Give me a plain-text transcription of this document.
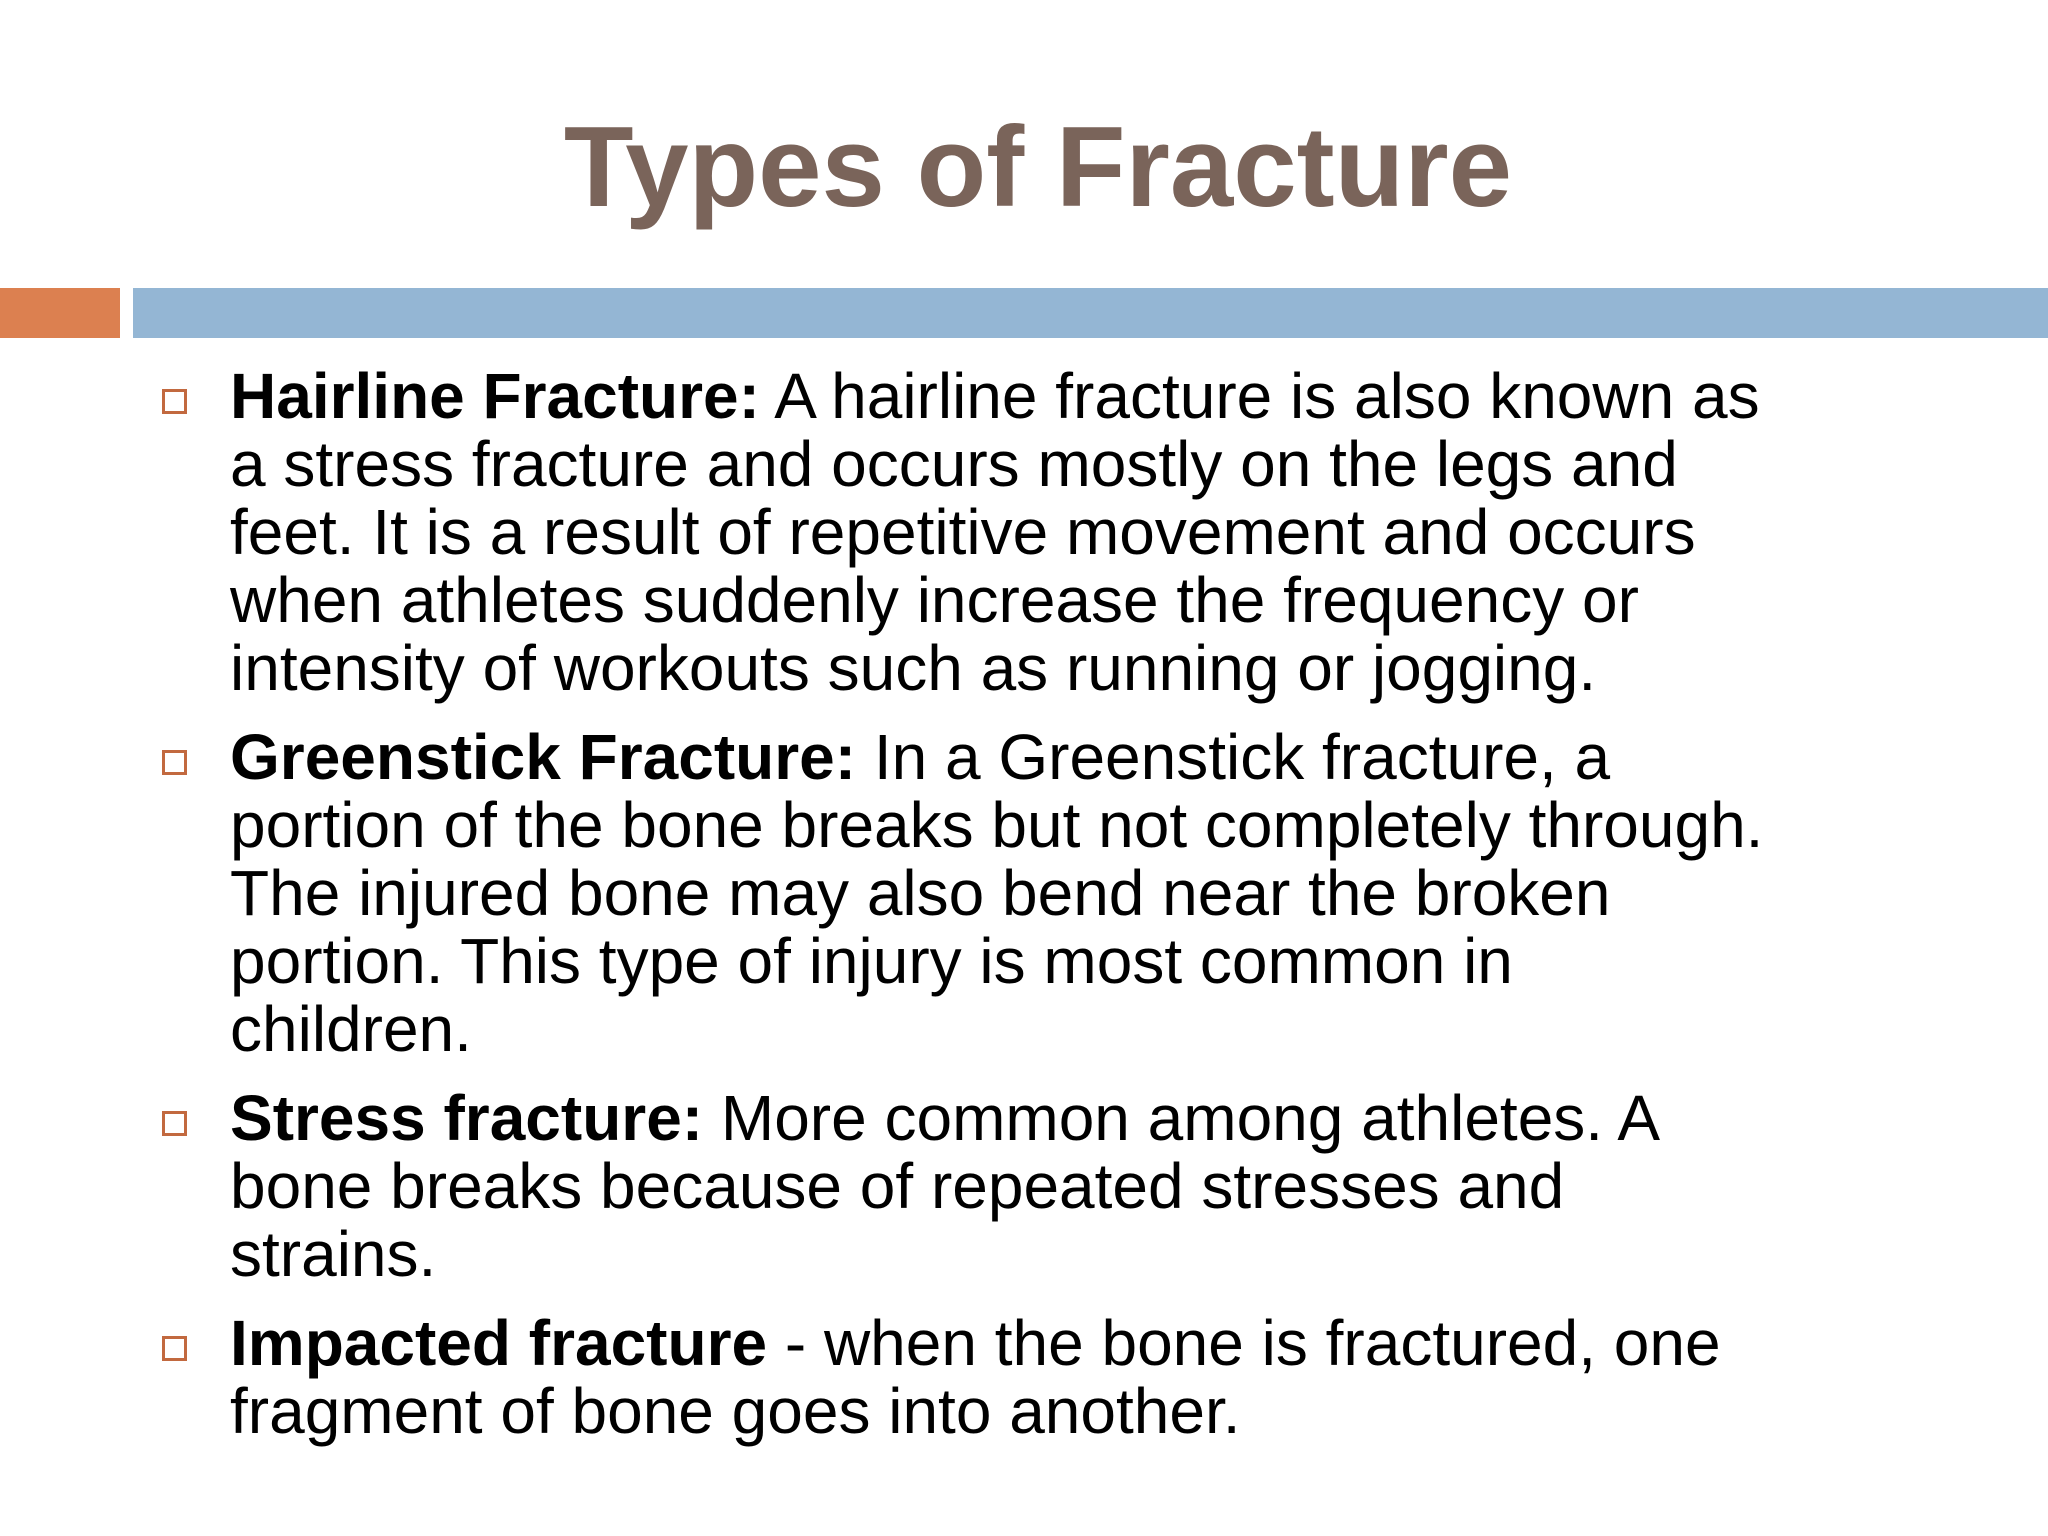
Types of Fracture
Hairline Fracture: A hairline fracture is also known as
a stress fracture and occurs mostly on the legs and
feet. It is a result of repetitive movement and occurs
when athletes suddenly increase the frequency or
intensity of workouts such as running or jogging.
Greenstick Fracture: In a Greenstick fracture, a
portion of the bone breaks but not completely through.
The injured bone may also bend near the broken
portion. This type of injury is most common in
children.
Stress fracture: More common among athletes. A
bone breaks because of repeated stresses and
strains.
Impacted fracture - when the bone is fractured, one
fragment of bone goes into another.
